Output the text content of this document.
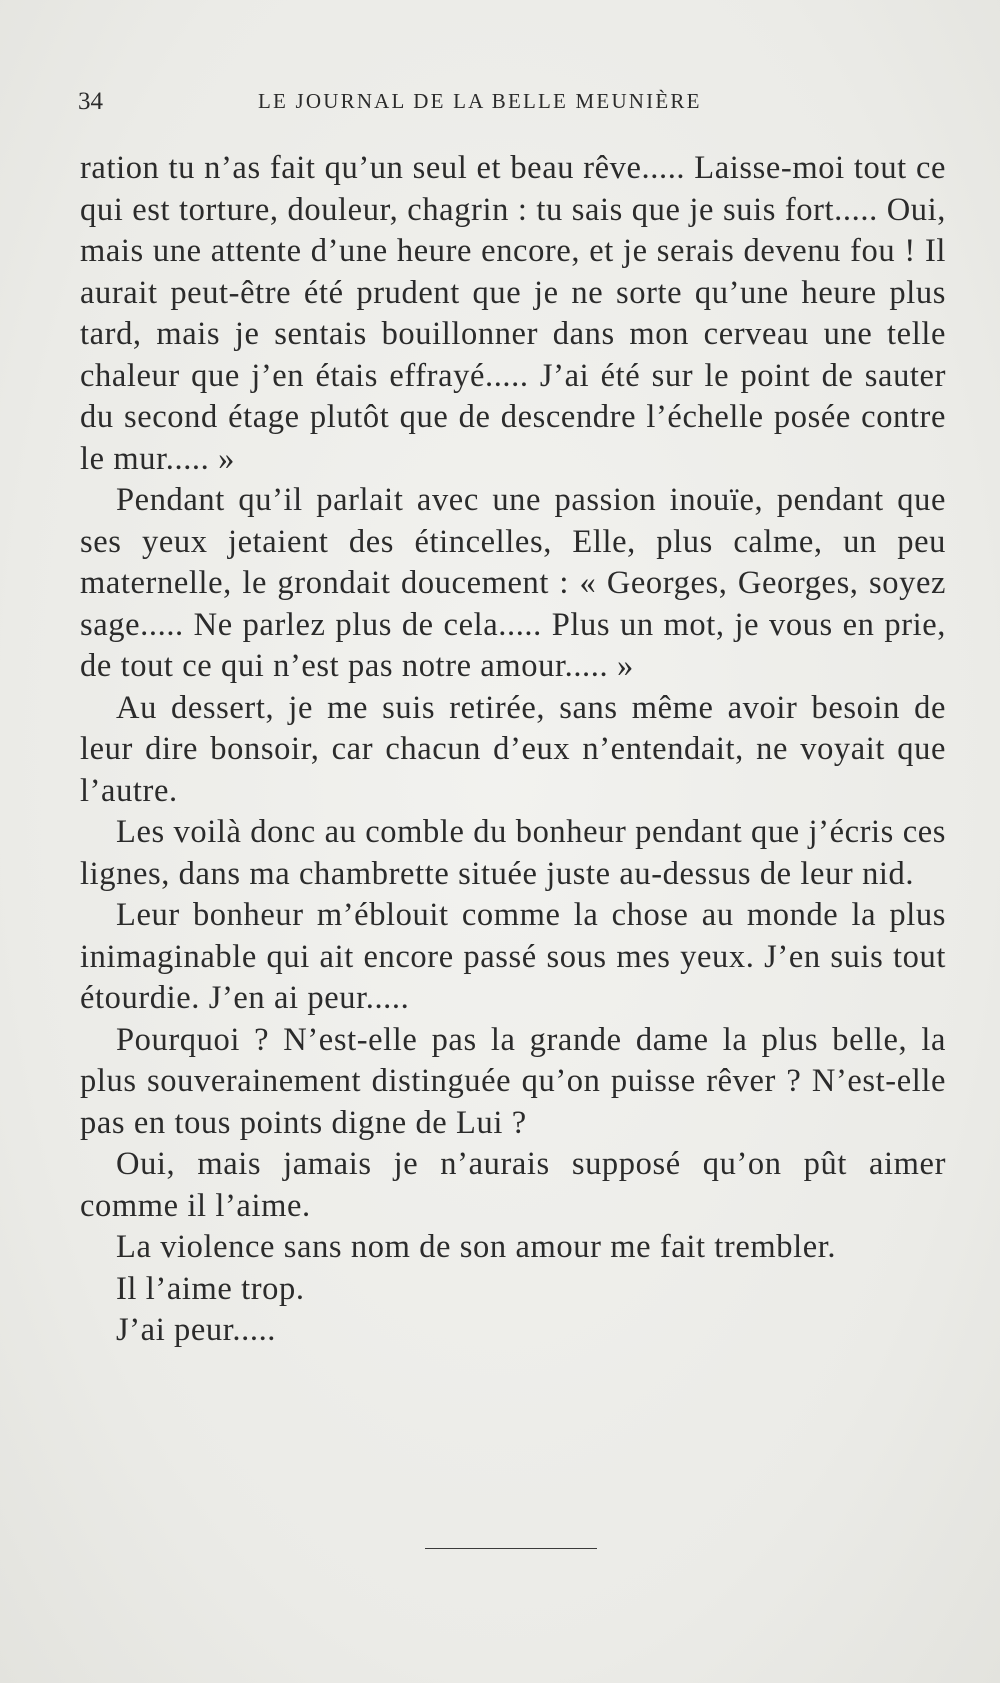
34	LE JOURNAL DE LA BELLE MEUNIÈRE

ration tu n’as fait qu’un seul et beau rêve..... Laisse-moi tout ce qui est torture, douleur, chagrin : tu sais que je suis fort..... Oui, mais une attente d’une heure encore, et je serais devenu fou ! Il aurait peut-être été prudent que je ne sorte qu’une heure plus tard, mais je sentais bouillonner dans mon cerveau une telle chaleur que j’en étais effrayé..... J’ai été sur le point de sauter du second étage plutôt que de descendre l’échelle posée contre le mur..... »

Pendant qu’il parlait avec une passion inouïe, pendant que ses yeux jetaient des étincelles, Elle, plus calme, un peu maternelle, le grondait doucement : « Georges, Georges, soyez sage..... Ne parlez plus de cela..... Plus un mot, je vous en prie, de tout ce qui n’est pas notre amour..... »

Au dessert, je me suis retirée, sans même avoir besoin de leur dire bonsoir, car chacun d’eux n’entendait, ne voyait que l’autre.

Les voilà donc au comble du bonheur pendant que j’écris ces lignes, dans ma chambrette située juste au-dessus de leur nid.

Leur bonheur m’éblouit comme la chose au monde la plus inimaginable qui ait encore passé sous mes yeux. J’en suis tout étourdie. J’en ai peur.....

Pourquoi ? N’est-elle pas la grande dame la plus belle, la plus souverainement distinguée qu’on puisse rêver ? N’est-elle pas en tous points digne de Lui ?

Oui, mais jamais je n’aurais supposé qu’on pût aimer comme il l’aime.

La violence sans nom de son amour me fait trembler.

Il l’aime trop.

J’ai peur.....
